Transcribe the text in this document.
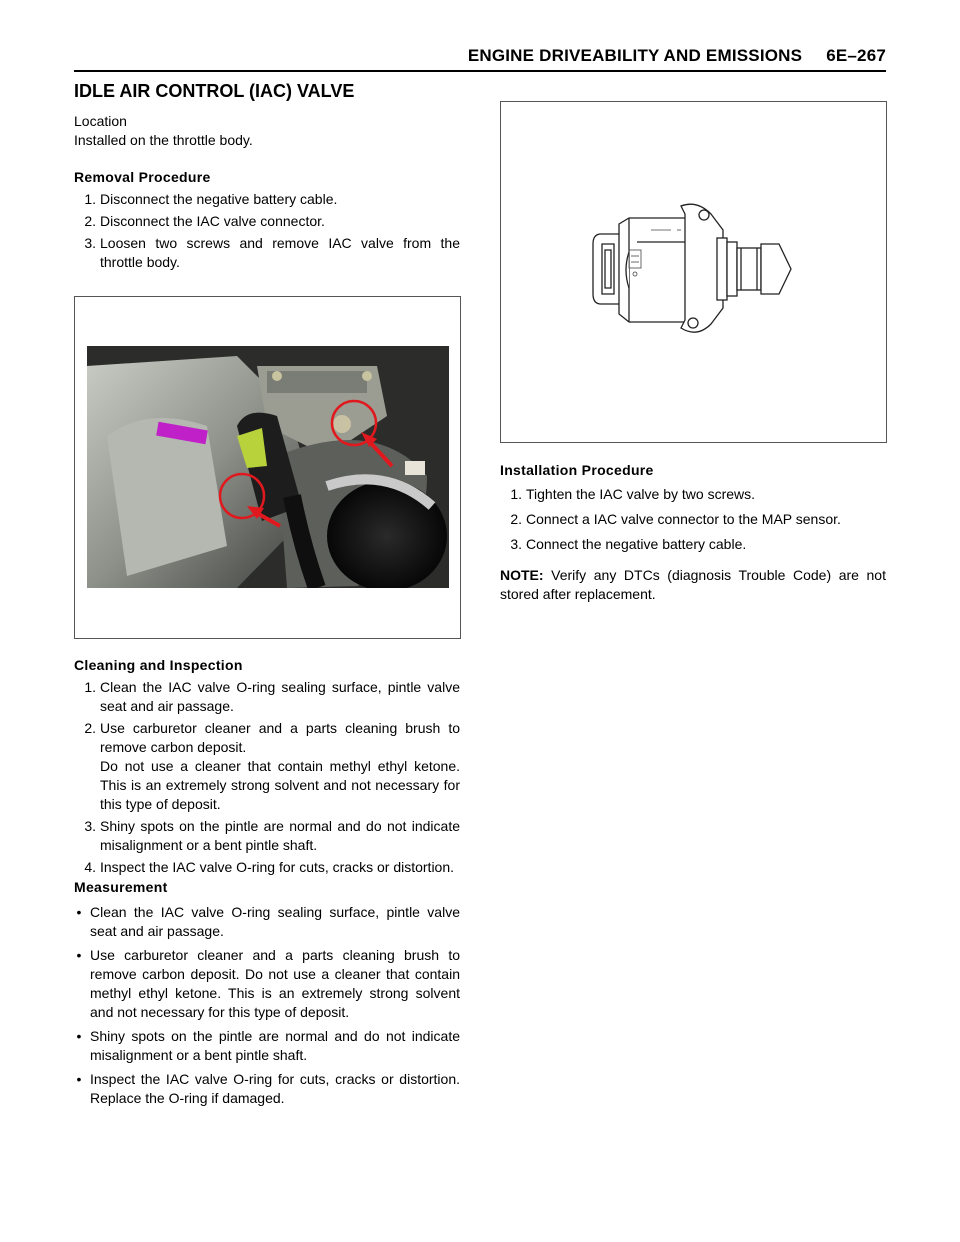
ENGINE DRIVEABILITY AND EMISSIONS 6E–267
IDLE AIR CONTROL (IAC) VALVE

Location

Installed on the throttle body.

Removal Procedure

1. Disconnect the negative battery cable.
2. Disconnect the IAC valve connector.
3. Loosen two screws and remove IAC valve from the throttle body.

Cleaning and Inspection

1. Clean the IAC valve O-ring sealing surface, pintle valve seat and air passage.
2. Use carburetor cleaner and a parts cleaning brush to remove carbon deposit.
Do not use a cleaner that contain methyl ethyl ketone. This is an extremely strong solvent and not necessary for this type of deposit.
3. Shiny spots on the pintle are normal and do not indicate misalignment or a bent pintle shaft.
4. Inspect the IAC valve O-ring for cuts, cracks or distortion.

Measurement

• Clean the IAC valve O-ring sealing surface, pintle valve seat and air passage.
• Use carburetor cleaner and a parts cleaning brush to remove carbon deposit. Do not use a cleaner that contain methyl ethyl ketone. This is an extremely strong solvent and not necessary for this type of deposit.
• Shiny spots on the pintle are normal and do not indicate misalignment or a bent pintle shaft.
• Inspect the IAC valve O-ring for cuts, cracks or distortion. Replace the O-ring if damaged.

Installation Procedure

1. Tighten the IAC valve by two screws.
2. Connect a IAC valve connector to the MAP sensor.
3. Connect the negative battery cable.

NOTE: Verify any DTCs (diagnosis Trouble Code) are not stored after replacement.
